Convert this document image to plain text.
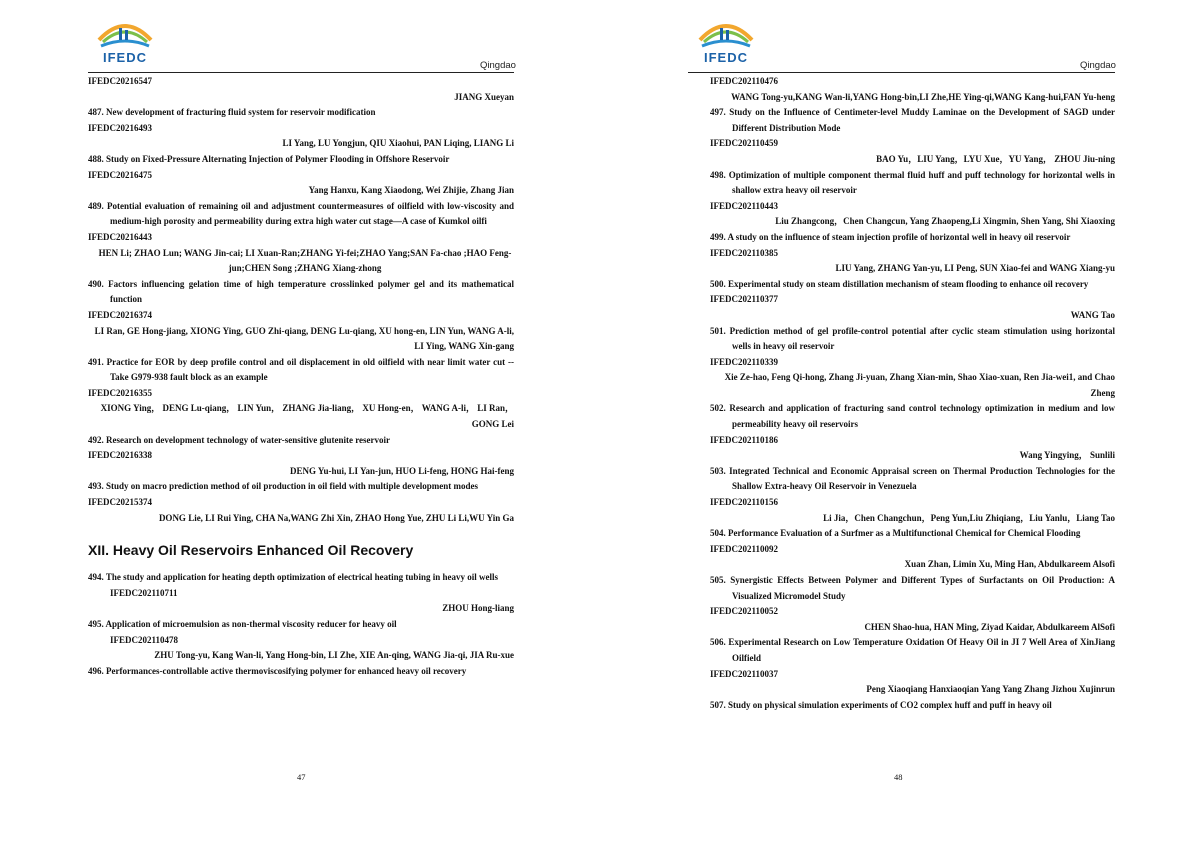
IFEDC
Qingdao

IFEDC20216547

JIANG Xueyan

487. New development of fracturing fluid system for reservoir modification

IFEDC20216493

LI Yang, LU Yongjun, QIU Xiaohui, PAN Liqing, LIANG Li

488. Study on Fixed-Pressure Alternating Injection of Polymer Flooding in Offshore Reservoir

IFEDC20216475

Yang Hanxu, Kang Xiaodong, Wei Zhijie, Zhang Jian

489. Potential evaluation of remaining oil and adjustment countermeasures of oilfield with low-viscosity and medium-high porosity and permeability during extra high water cut stage—A case of Kumkol oilfi

IFEDC20216443

HEN Li; ZHAO Lun; WANG Jin-cai; LI Xuan-Ran;ZHANG Yi-fei;ZHAO Yang;SAN Fa-chao ;HAO Feng-jun;CHEN Song ;ZHANG Xiang-zhong

490. Factors influencing gelation time of high temperature crosslinked polymer gel and its mathematical function

IFEDC20216374

LI Ran, GE Hong-jiang, XIONG Ying, GUO Zhi-qiang, DENG Lu-qiang, XU hong-en, LIN Yun, WANG A-li, LI Ying, WANG Xin-gang

491. Practice for EOR by deep profile control and oil displacement in old oilfield with near limit water cut --Take G979-938 fault block as an example

IFEDC20216355

XIONG Ying， DENG Lu-qiang， LIN Yun， ZHANG Jia-liang， XU Hong-en， WANG A-li， LI Ran， GONG Lei

492. Research on development technology of water-sensitive glutenite reservoir

IFEDC20216338

DENG Yu-hui, LI Yan-jun, HUO Li-feng, HONG Hai-feng

493. Study on macro prediction method of oil production in oil field with multiple development modes

IFEDC20215374

DONG Lie, LI Rui Ying, CHA Na,WANG Zhi Xin, ZHAO Hong Yue, ZHU Li Li,WU Yin Ga

XII. Heavy Oil Reservoirs Enhanced Oil Recovery

494. The study and application for heating depth optimization of electrical heating tubing in heavy oil wells

IFEDC202110711

ZHOU Hong-liang

495. Application of microemulsion as non-thermal viscosity reducer for heavy oil

IFEDC202110478

ZHU Tong-yu, Kang Wan-li, Yang Hong-bin, LI Zhe, XIE An-qing, WANG Jia-qi, JIA Ru-xue

496. Performances-controllable active thermoviscosifying polymer for enhanced heavy oil recovery

47
IFEDC
Qingdao

IFEDC202110476

WANG Tong-yu,KANG Wan-li,YANG Hong-bin,LI Zhe,HE Ying-qi,WANG Kang-hui,FAN Yu-heng

497. Study on the Influence of Centimeter-level Muddy Laminae on the Development of SAGD under Different Distribution Mode

IFEDC202110459

BAO Yu，LIU Yang，LYU Xue，YU Yang， ZHOU Jiu-ning

498. Optimization of multiple component thermal fluid huff and puff technology for horizontal wells in shallow extra heavy oil reservoir

IFEDC202110443

Liu Zhangcong，Chen Changcun, Yang Zhaopeng,Li Xingmin, Shen Yang, Shi Xiaoxing

499. A study on the influence of steam injection profile of horizontal well in heavy oil reservoir

IFEDC202110385

LIU Yang, ZHANG Yan-yu, LI Peng, SUN Xiao-fei and WANG Xiang-yu

500. Experimental study on steam distillation mechanism of steam flooding to enhance oil recovery

IFEDC202110377

WANG Tao

501. Prediction method of gel profile-control potential after cyclic steam stimulation using horizontal wells in heavy oil reservoir

IFEDC202110339

Xie Ze-hao, Feng Qi-hong, Zhang Ji-yuan, Zhang Xian-min, Shao Xiao-xuan, Ren Jia-wei1, and Chao Zheng

502. Research and application of fracturing sand control technology optimization in medium and low permeability heavy oil reservoirs

IFEDC202110186

Wang Yingying， Sunlili

503. Integrated Technical and Economic Appraisal screen on Thermal Production Technologies for the Shallow Extra-heavy Oil Reservoir in Venezuela

IFEDC202110156

Li Jia，Chen Changchun，Peng Yun,Liu Zhiqiang，Liu Yanlu，Liang Tao

504. Performance Evaluation of a Surfmer as a Multifunctional Chemical for Chemical Flooding

IFEDC202110092

Xuan Zhan, Limin Xu, Ming Han, Abdulkareem Alsofi

505. Synergistic Effects Between Polymer and Different Types of Surfactants on Oil Production: A Visualized Micromodel Study

IFEDC202110052

CHEN Shao-hua, HAN Ming, Ziyad Kaidar, Abdulkareem AlSofi

506. Experimental Research on Low Temperature Oxidation Of Heavy Oil in JI 7 Well Area of XinJiang Oilfield

IFEDC202110037

Peng Xiaoqiang Hanxiaoqian Yang Yang Zhang Jizhou Xujinrun

507. Study on physical simulation experiments of CO2 complex huff and puff in heavy oil

48
